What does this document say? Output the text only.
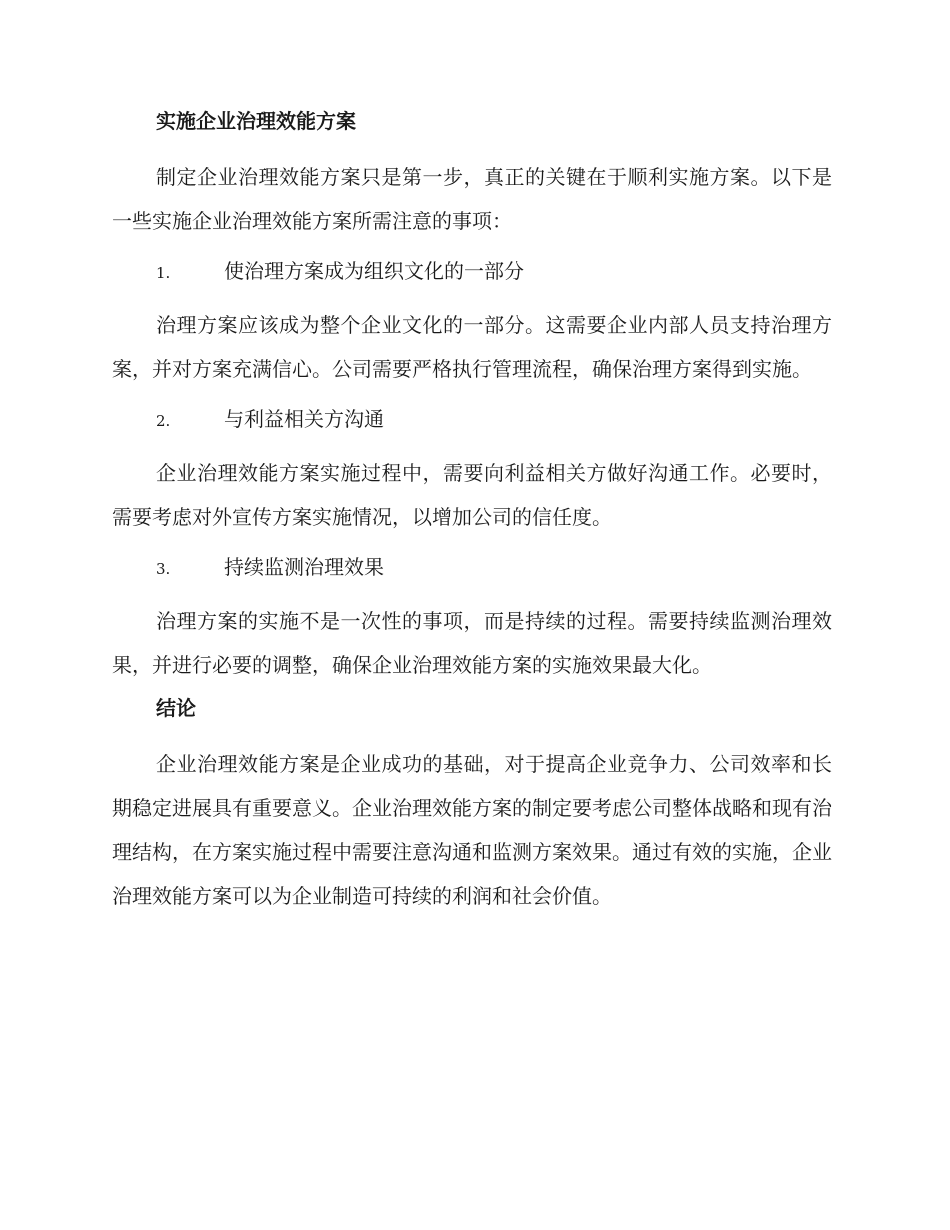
实施企业治理效能方案

制定企业治理效能方案只是第一步，真正的关键在于顺利实施方案。以下是一些实施企业治理效能方案所需注意的事项：

1.	使治理方案成为组织文化的一部分

治理方案应该成为整个企业文化的一部分。这需要企业内部人员支持治理方案，并对方案充满信心。公司需要严格执行管理流程，确保治理方案得到实施。

2.	与利益相关方沟通

企业治理效能方案实施过程中，需要向利益相关方做好沟通工作。必要时，需要考虑对外宣传方案实施情况，以增加公司的信任度。

3.	持续监测治理效果

治理方案的实施不是一次性的事项，而是持续的过程。需要持续监测治理效果，并进行必要的调整，确保企业治理效能方案的实施效果最大化。

结论

企业治理效能方案是企业成功的基础，对于提高企业竞争力、公司效率和长期稳定进展具有重要意义。企业治理效能方案的制定要考虑公司整体战略和现有治理结构，在方案实施过程中需要注意沟通和监测方案效果。通过有效的实施，企业治理效能方案可以为企业制造可持续的利润和社会价值。
